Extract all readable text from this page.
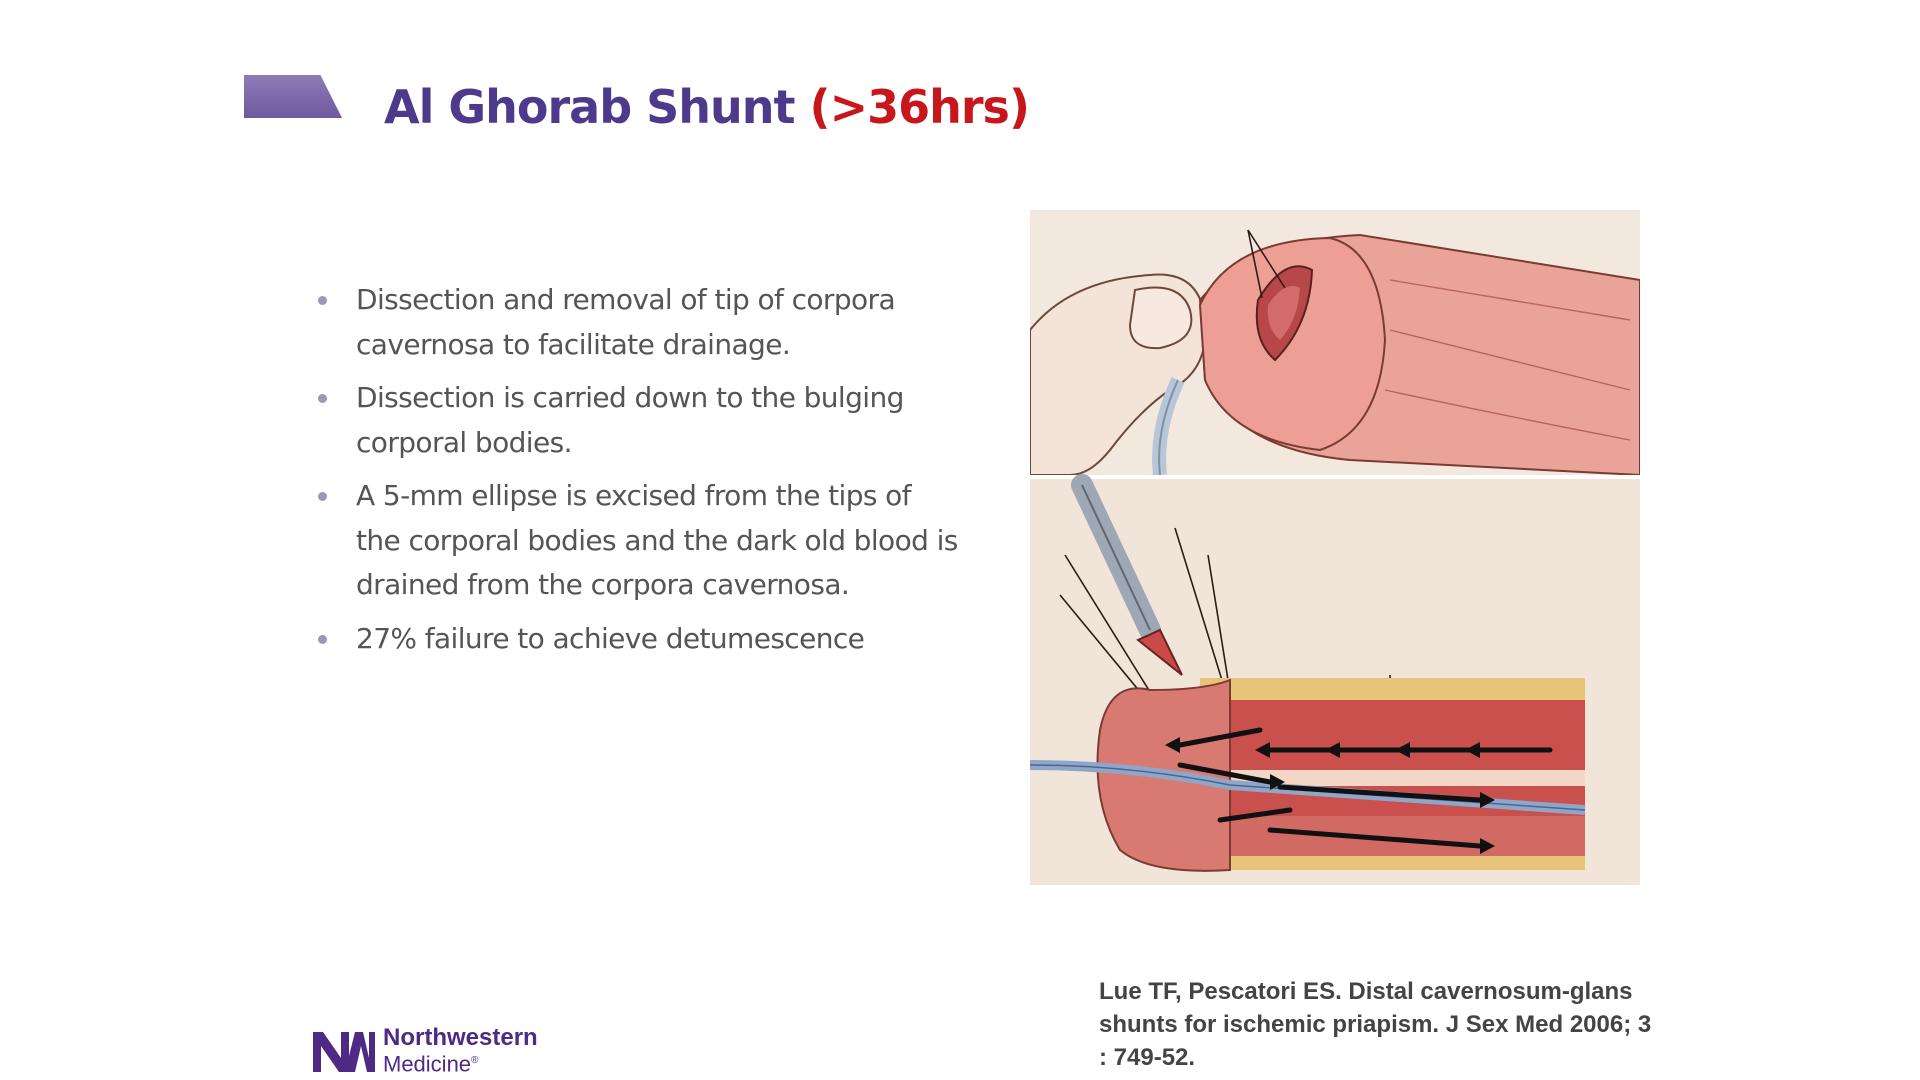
Al Ghorab Shunt (>36hrs)
Dissection and removal of tip of corpora cavernosa to facilitate drainage.
Dissection is carried down to the bulging corporal bodies.
A 5-mm ellipse is excised from the tips of the corporal bodies and the dark old blood is drained from the corpora cavernosa.
27% failure to achieve detumescence
Lue TF, Pescatori ES. Distal cavernosum-glans shunts for ischemic priapism. J Sex Med 2006; 3 : 749-52.
Northwestern
Medicine®
